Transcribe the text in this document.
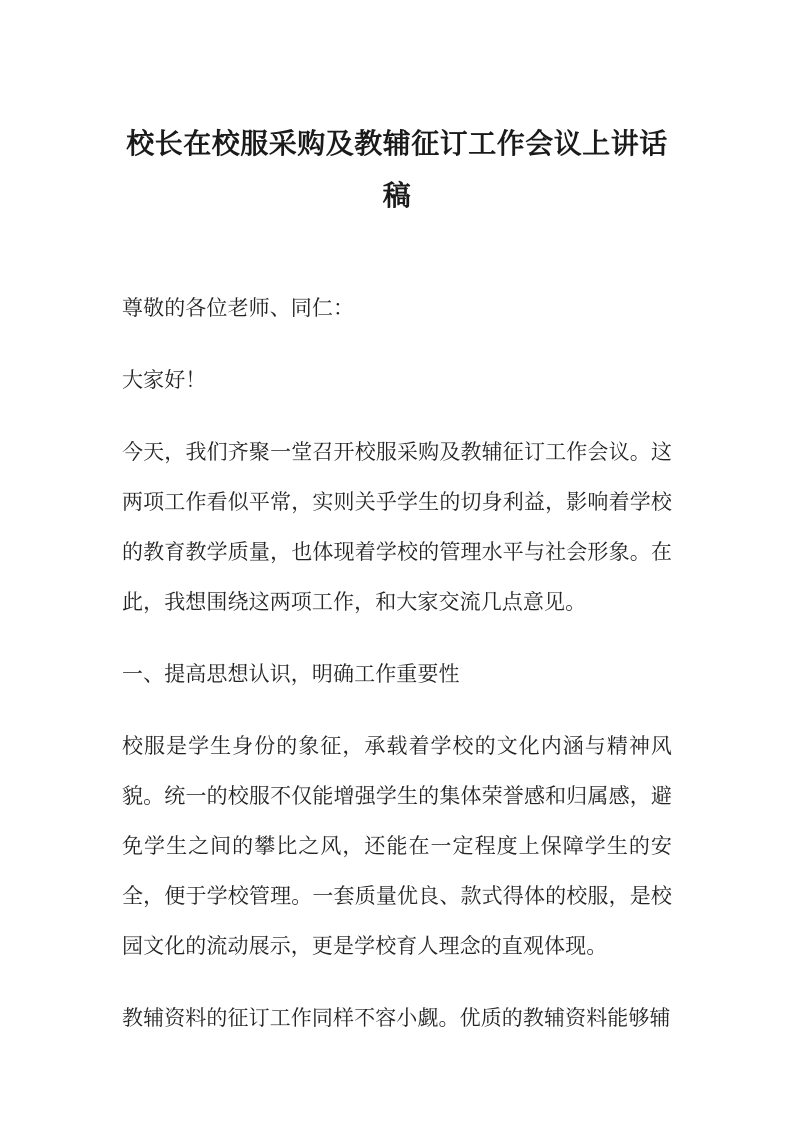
校长在校服采购及教辅征订工作会议上讲话稿

尊敬的各位老师、同仁：

大家好！

今天，我们齐聚一堂召开校服采购及教辅征订工作会议。这两项工作看似平常，实则关乎学生的切身利益，影响着学校的教育教学质量，也体现着学校的管理水平与社会形象。在此，我想围绕这两项工作，和大家交流几点意见。

一、提高思想认识，明确工作重要性

校服是学生身份的象征，承载着学校的文化内涵与精神风貌。统一的校服不仅能增强学生的集体荣誉感和归属感，避免学生之间的攀比之风，还能在一定程度上保障学生的安全，便于学校管理。一套质量优良、款式得体的校服，是校园文化的流动展示，更是学校育人理念的直观体现。

教辅资料的征订工作同样不容小觑。优质的教辅资料能够辅
